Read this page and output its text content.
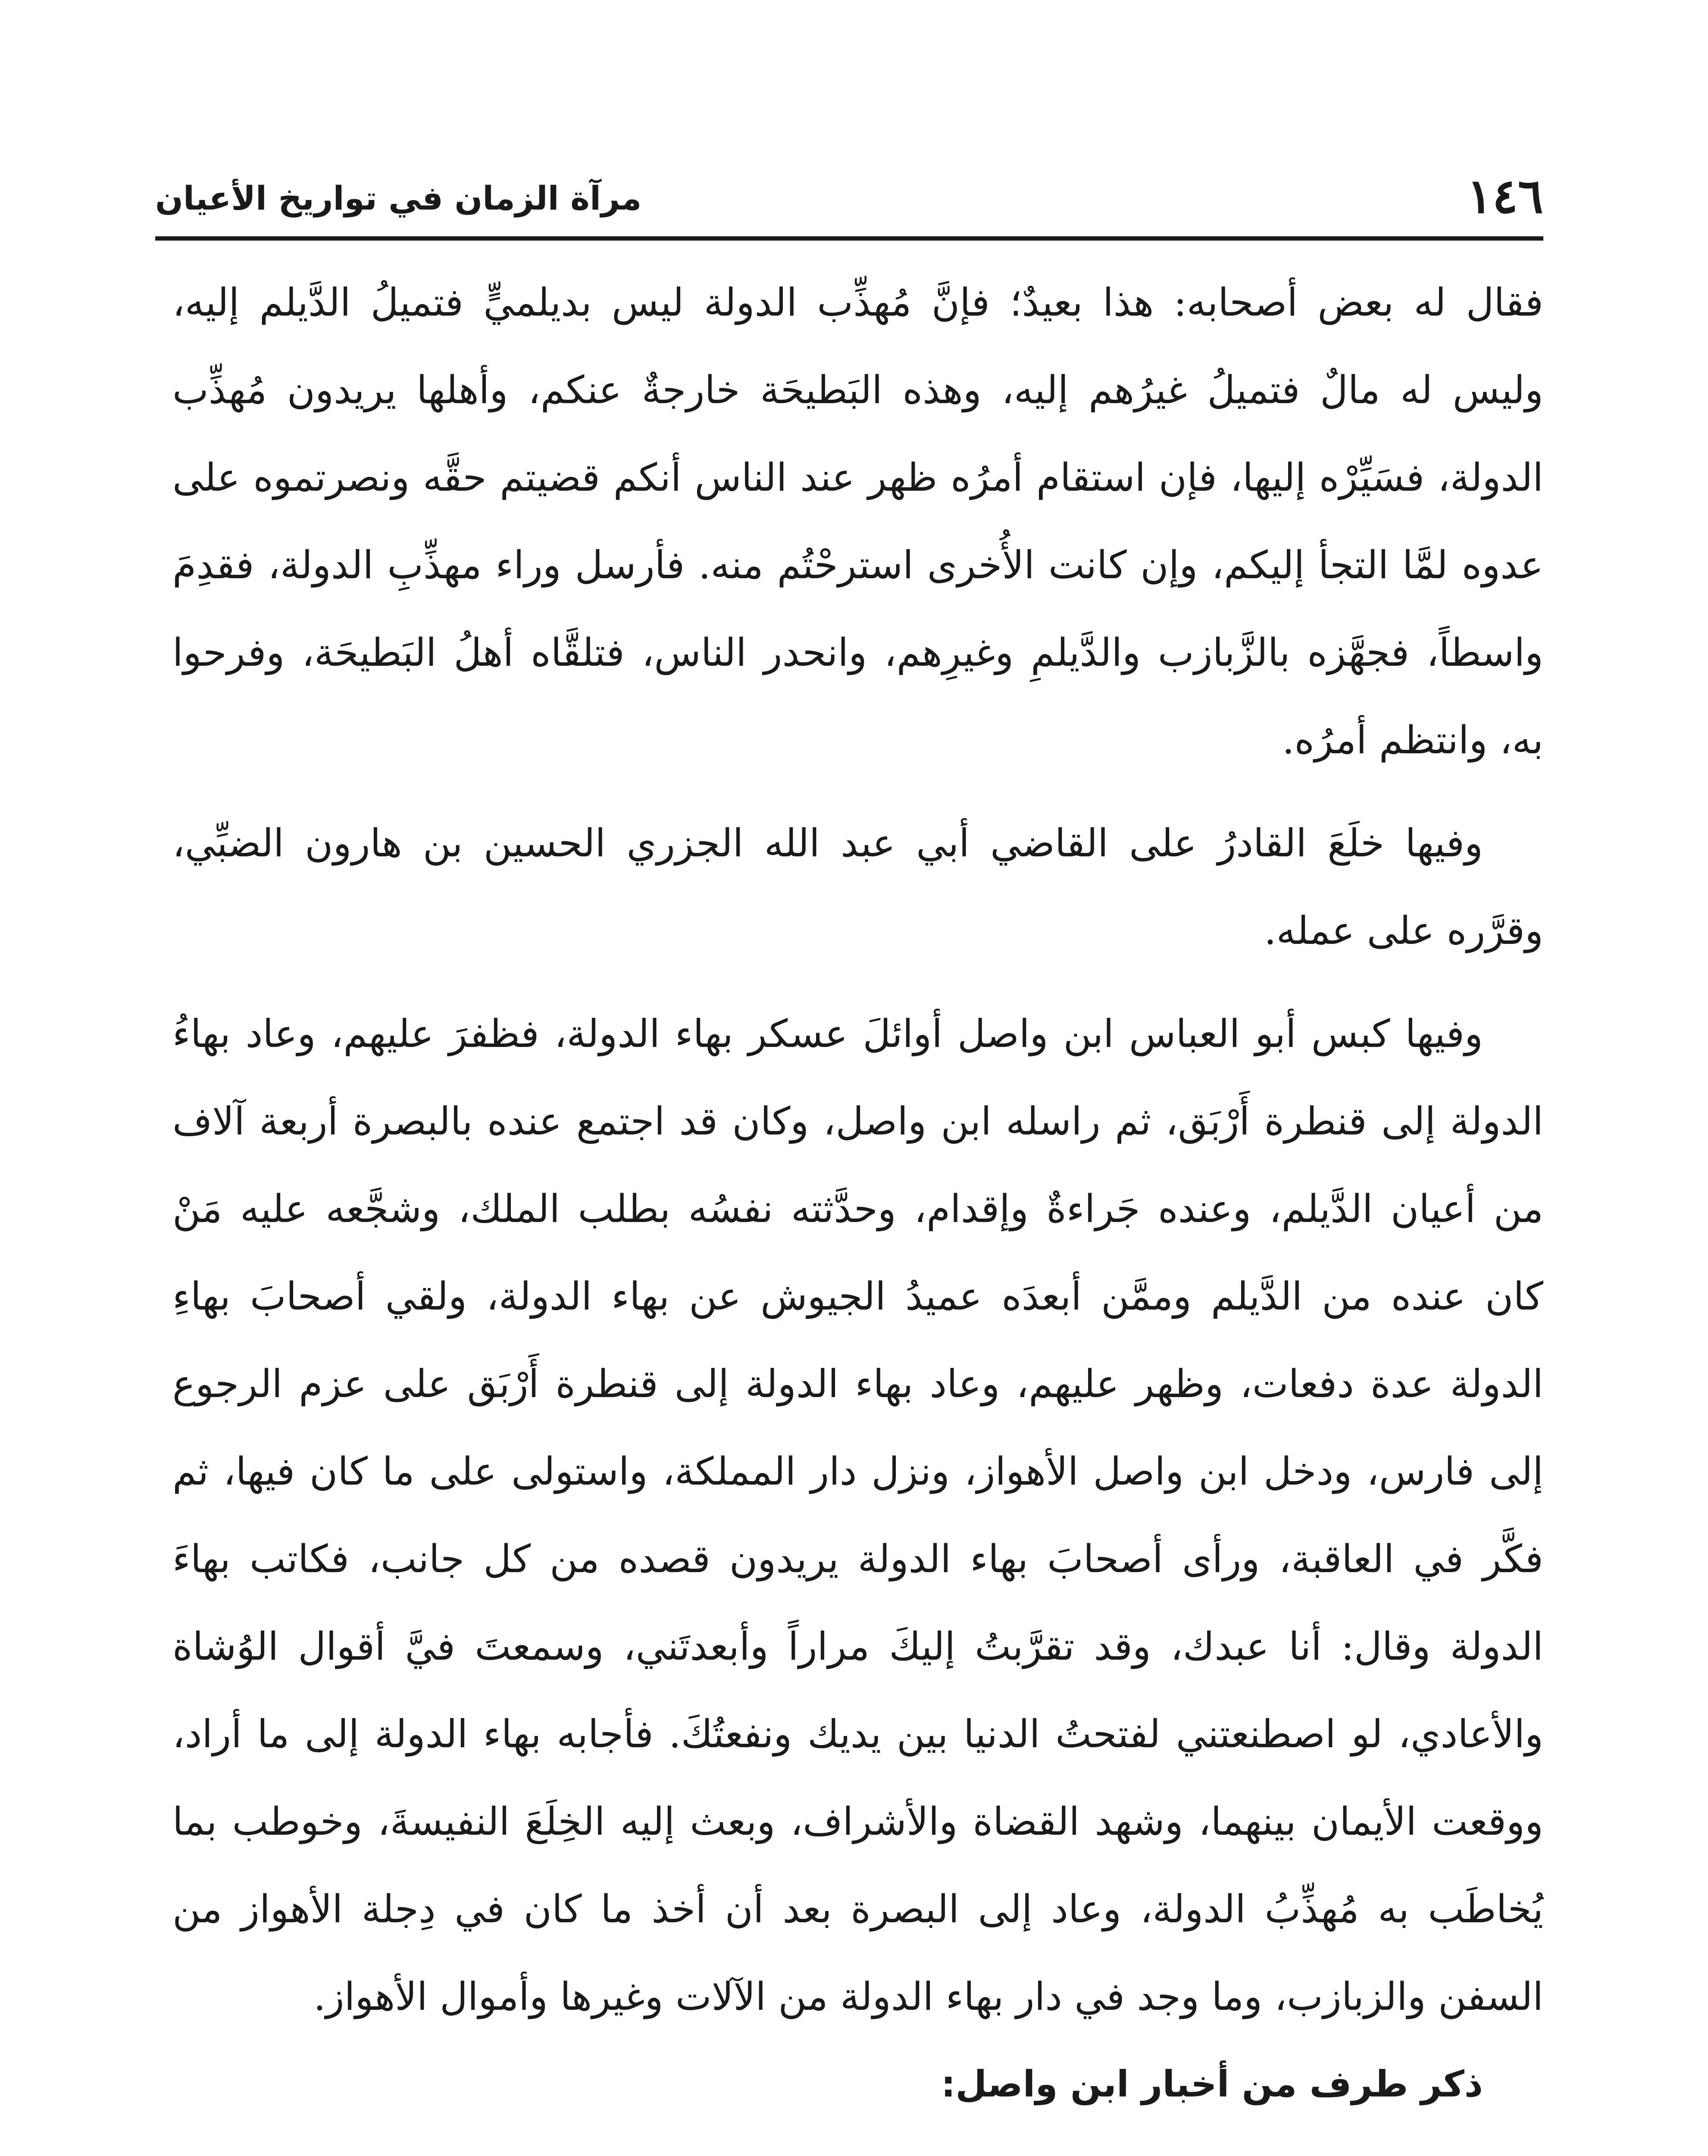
١٤٦
مرآة الزمان في تواريخ الأعيان

فقال له بعض أصحابه: هذا بعيدٌ؛ فإنَّ مُهذِّب الدولة ليس بديلميٍّ فتميلُ الدَّيلم إليه، وليس له مالٌ فتميلُ غيرُهم إليه، وهذه البَطيحَة خارجةٌ عنكم، وأهلها يريدون مُهذِّب الدولة، فسَيِّرْه إليها، فإن استقام أمرُه ظهر عند الناس أنكم قضيتم حقَّه ونصرتموه على عدوه لمَّا التجأ إليكم، وإن كانت الأُخرى استرحْتُم منه. فأرسل وراء مهذِّبِ الدولة، فقدِمَ واسطاً، فجهَّزه بالزَّبازب والدَّيلمِ وغيرِهم، وانحدر الناس، فتلقَّاه أهلُ البَطيحَة، وفرحوا به، وانتظم أمرُه.

وفيها خلَعَ القادرُ على القاضي أبي عبد الله الجزري الحسين بن هارون الضبِّي، وقرَّره على عمله.

وفيها كبس أبو العباس ابن واصل أوائلَ عسكر بهاء الدولة، فظفرَ عليهم، وعاد بهاءُ الدولة إلى قنطرة أَرْبَق، ثم راسله ابن واصل، وكان قد اجتمع عنده بالبصرة أربعة آلاف من أعيان الدَّيلم، وعنده جَراءةٌ وإقدام، وحدَّثته نفسُه بطلب الملك، وشجَّعه عليه مَنْ كان عنده من الدَّيلم وممَّن أبعدَه عميدُ الجيوش عن بهاء الدولة، ولقي أصحابَ بهاءِ الدولة عدة دفعات، وظهر عليهم، وعاد بهاء الدولة إلى قنطرة أَرْبَق على عزم الرجوع إلى فارس، ودخل ابن واصل الأهواز، ونزل دار المملكة، واستولى على ما كان فيها، ثم فكَّر في العاقبة، ورأى أصحابَ بهاء الدولة يريدون قصده من كل جانب، فكاتب بهاءَ الدولة وقال: أنا عبدك، وقد تقرَّبتُ إليكَ مراراً وأبعدتَني، وسمعتَ فيَّ أقوال الوُشاة والأعادي، لو اصطنعتني لفتحتُ الدنيا بين يديك ونفعتُكَ. فأجابه بهاء الدولة إلى ما أراد، ووقعت الأيمان بينهما، وشهد القضاة والأشراف، وبعث إليه الخِلَعَ النفيسةَ، وخوطب بما يُخاطَب به مُهذِّبُ الدولة، وعاد إلى البصرة بعد أن أخذ ما كان في دِجلة الأهواز من السفن والزبازب، وما وجد في دار بهاء الدولة من الآلات وغيرها وأموال الأهواز.

ذكر طرف من أخبار ابن واصل:
